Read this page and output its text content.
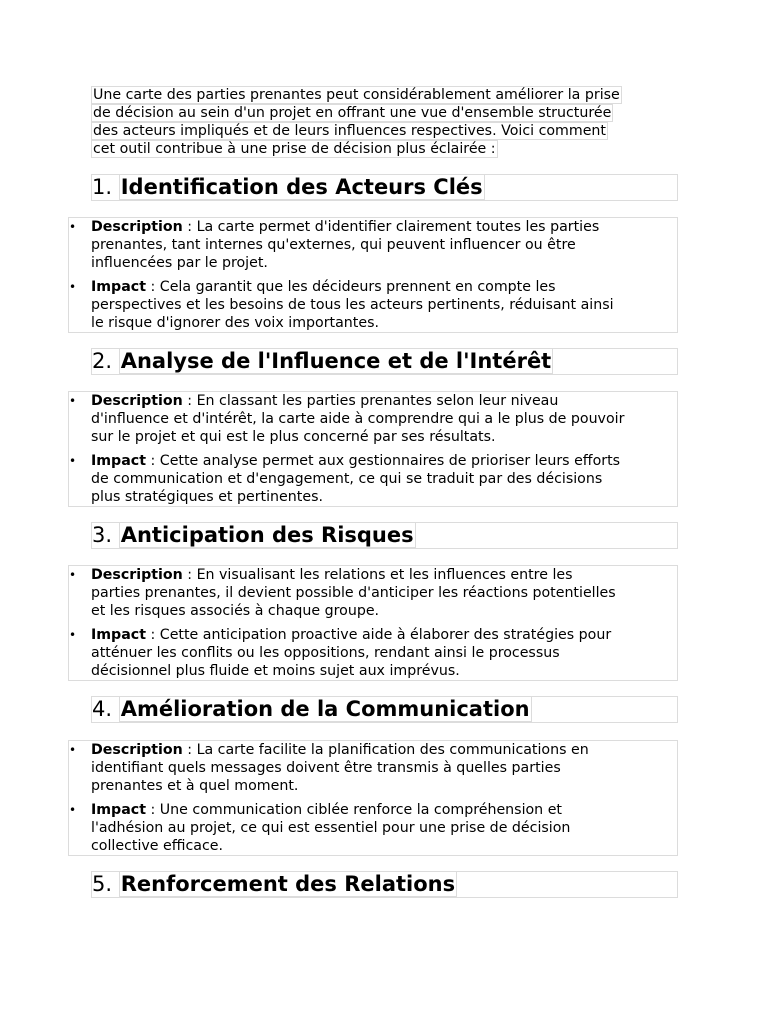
Une carte des parties prenantes peut considérablement améliorer la prise
de décision au sein d'un projet en offrant une vue d'ensemble structurée
des acteurs impliqués et de leurs influences respectives. Voici comment
cet outil contribue à une prise de décision plus éclairée :
1. Identification des Acteurs Clés
• Description : La carte permet d'identifier clairement toutes les parties
prenantes, tant internes qu'externes, qui peuvent influencer ou être
influencées par le projet.
• Impact : Cela garantit que les décideurs prennent en compte les
perspectives et les besoins de tous les acteurs pertinents, réduisant ainsi
le risque d'ignorer des voix importantes.
2. Analyse de l'Influence et de l'Intérêt
• Description : En classant les parties prenantes selon leur niveau
d'influence et d'intérêt, la carte aide à comprendre qui a le plus de pouvoir
sur le projet et qui est le plus concerné par ses résultats.
• Impact : Cette analyse permet aux gestionnaires de prioriser leurs efforts
de communication et d'engagement, ce qui se traduit par des décisions
plus stratégiques et pertinentes.
3. Anticipation des Risques
• Description : En visualisant les relations et les influences entre les
parties prenantes, il devient possible d'anticiper les réactions potentielles
et les risques associés à chaque groupe.
• Impact : Cette anticipation proactive aide à élaborer des stratégies pour
atténuer les conflits ou les oppositions, rendant ainsi le processus
décisionnel plus fluide et moins sujet aux imprévus.
4. Amélioration de la Communication
• Description : La carte facilite la planification des communications en
identifiant quels messages doivent être transmis à quelles parties
prenantes et à quel moment.
• Impact : Une communication ciblée renforce la compréhension et
l'adhésion au projet, ce qui est essentiel pour une prise de décision
collective efficace.
5. Renforcement des Relations
